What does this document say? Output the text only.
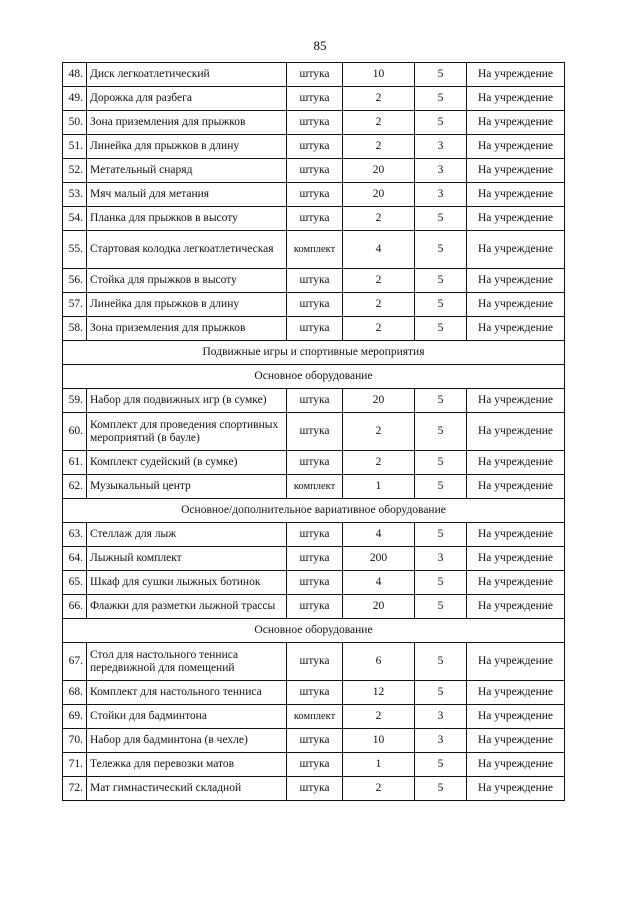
85
48.	Диск легкоатлетический	штука	10	5	На учреждение
49.	Дорожка для разбега	штука	2	5	На учреждение
50.	Зона приземления для прыжков	штука	2	5	На учреждение
51.	Линейка для прыжков в длину	штука	2	3	На учреждение
52.	Метательный снаряд	штука	20	3	На учреждение
53.	Мяч малый для метания	штука	20	3	На учреждение
54.	Планка для прыжков в высоту	штука	2	5	На учреждение
55.	Стартовая колодка легкоатлетическая	комплект	4	5	На учреждение
56.	Стойка для прыжков в высоту	штука	2	5	На учреждение
57.	Линейка для прыжков в длину	штука	2	5	На учреждение
58.	Зона приземления для прыжков	штука	2	5	На учреждение
Подвижные игры и спортивные мероприятия					
Основное оборудование					
59.	Набор для подвижных игр (в сумке)	штука	20	5	На учреждение
60.	Комплект для проведения спортивных мероприятий (в бауле)	штука	2	5	На учреждение
61.	Комплект судейский (в сумке)	штука	2	5	На учреждение
62.	Музыкальный центр	комплект	1	5	На учреждение
Основное/дополнительное вариативное оборудование					
63.	Стеллаж для лыж	штука	4	5	На учреждение
64.	Лыжный комплект	штука	200	3	На учреждение
65.	Шкаф для сушки лыжных ботинок	штука	4	5	На учреждение
66.	Флажки для разметки лыжной трассы	штука	20	5	На учреждение
Основное оборудование					
67.	Стол для настольного тенниса передвижной для помещений	штука	6	5	На учреждение
68.	Комплект для настольного тенниса	штука	12	5	На учреждение
69.	Стойки для бадминтона	комплект	2	3	На учреждение
70.	Набор для бадминтона (в чехле)	штука	10	3	На учреждение
71.	Тележка для перевозки матов	штука	1	5	На учреждение
72.	Мат гимнастический складной	штука	2	5	На учреждение
